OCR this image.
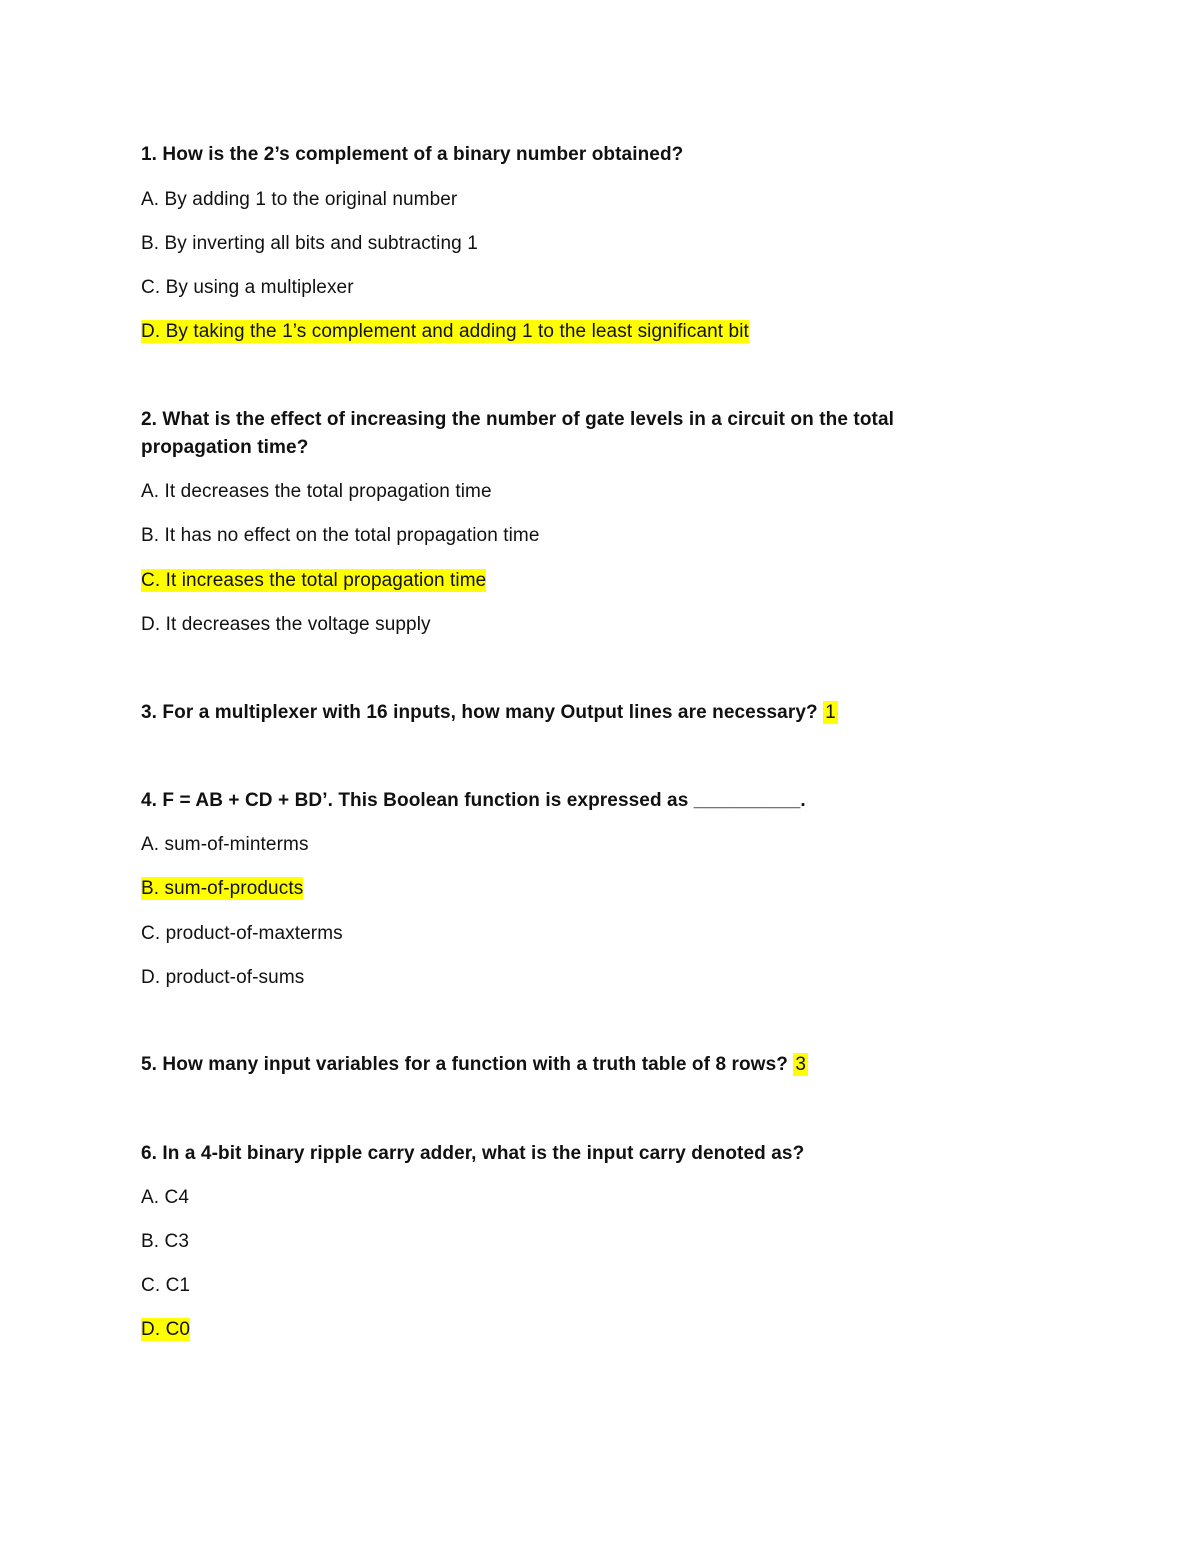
1. How is the 2’s complement of a binary number obtained?
A. By adding 1 to the original number
B. By inverting all bits and subtracting 1
C. By using a multiplexer
D. By taking the 1’s complement and adding 1 to the least significant bit
2. What is the effect of increasing the number of gate levels in a circuit on the total
propagation time?
A. It decreases the total propagation time
B. It has no effect on the total propagation time
C. It increases the total propagation time
D. It decreases the voltage supply
3. For a multiplexer with 16 inputs, how many Output lines are necessary? 1
4. F = AB + CD + BD’. This Boolean function is expressed as __________.
A. sum-of-minterms
B. sum-of-products
C. product-of-maxterms
D. product-of-sums
5. How many input variables for a function with a truth table of 8 rows? 3
6. In a 4-bit binary ripple carry adder, what is the input carry denoted as?
A. C4
B. C3
C. C1
D. C0
